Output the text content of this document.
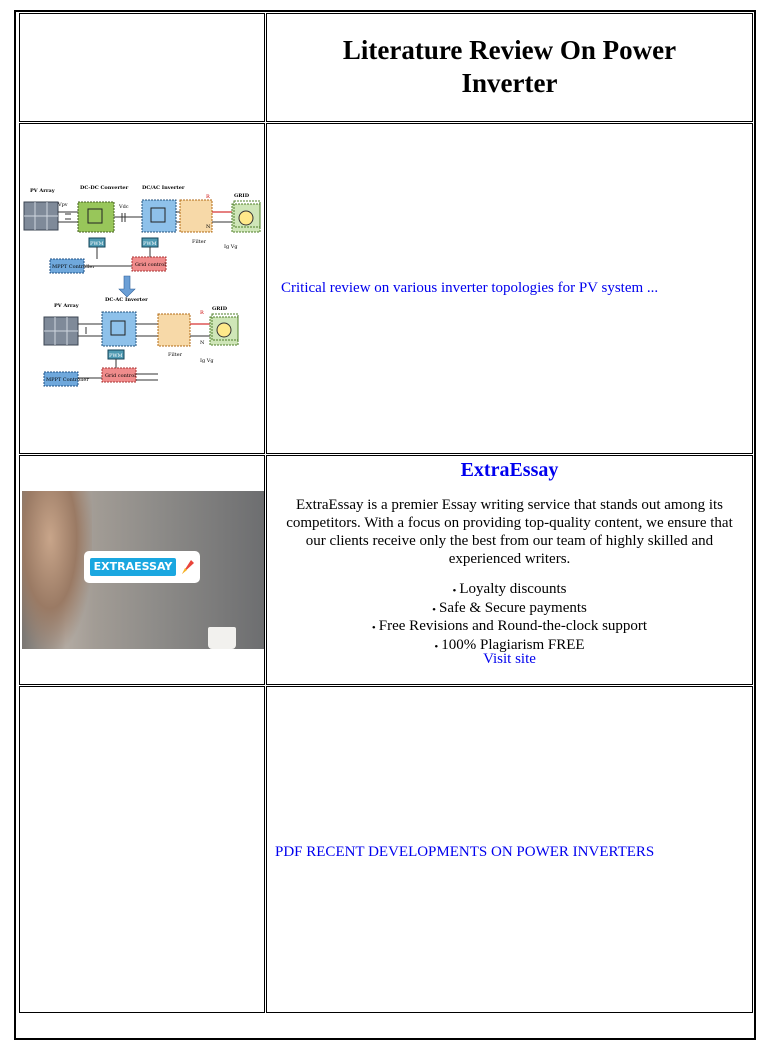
Literature Review On Power Inverter
PV Array
Vpv
DC-DC Converter
Vdc
DC/AC Inverter
Filter
R
N
GRID
Ig Vg
PWM	PWM
MPPT Controller	Grid control
PV Array
DC-AC Inverter
Filter
R
N
GRID
Ig Vg
PWM
MPPT Controller
Grid control
Critical review on various inverter topologies for PV system ...
EXTRAESSAY
ExtraEssay
ExtraEssay is a premier Essay writing service that stands out among its competitors. With a focus on providing top-quality content, we ensure that our clients receive only the best from our team of highly skilled and experienced writers.
• Loyalty discounts
• Safe & Secure payments
• Free Revisions and Round-the-clock support
• 100% Plagiarism FREE
Visit site
PDF RECENT DEVELOPMENTS ON POWER INVERTERS
